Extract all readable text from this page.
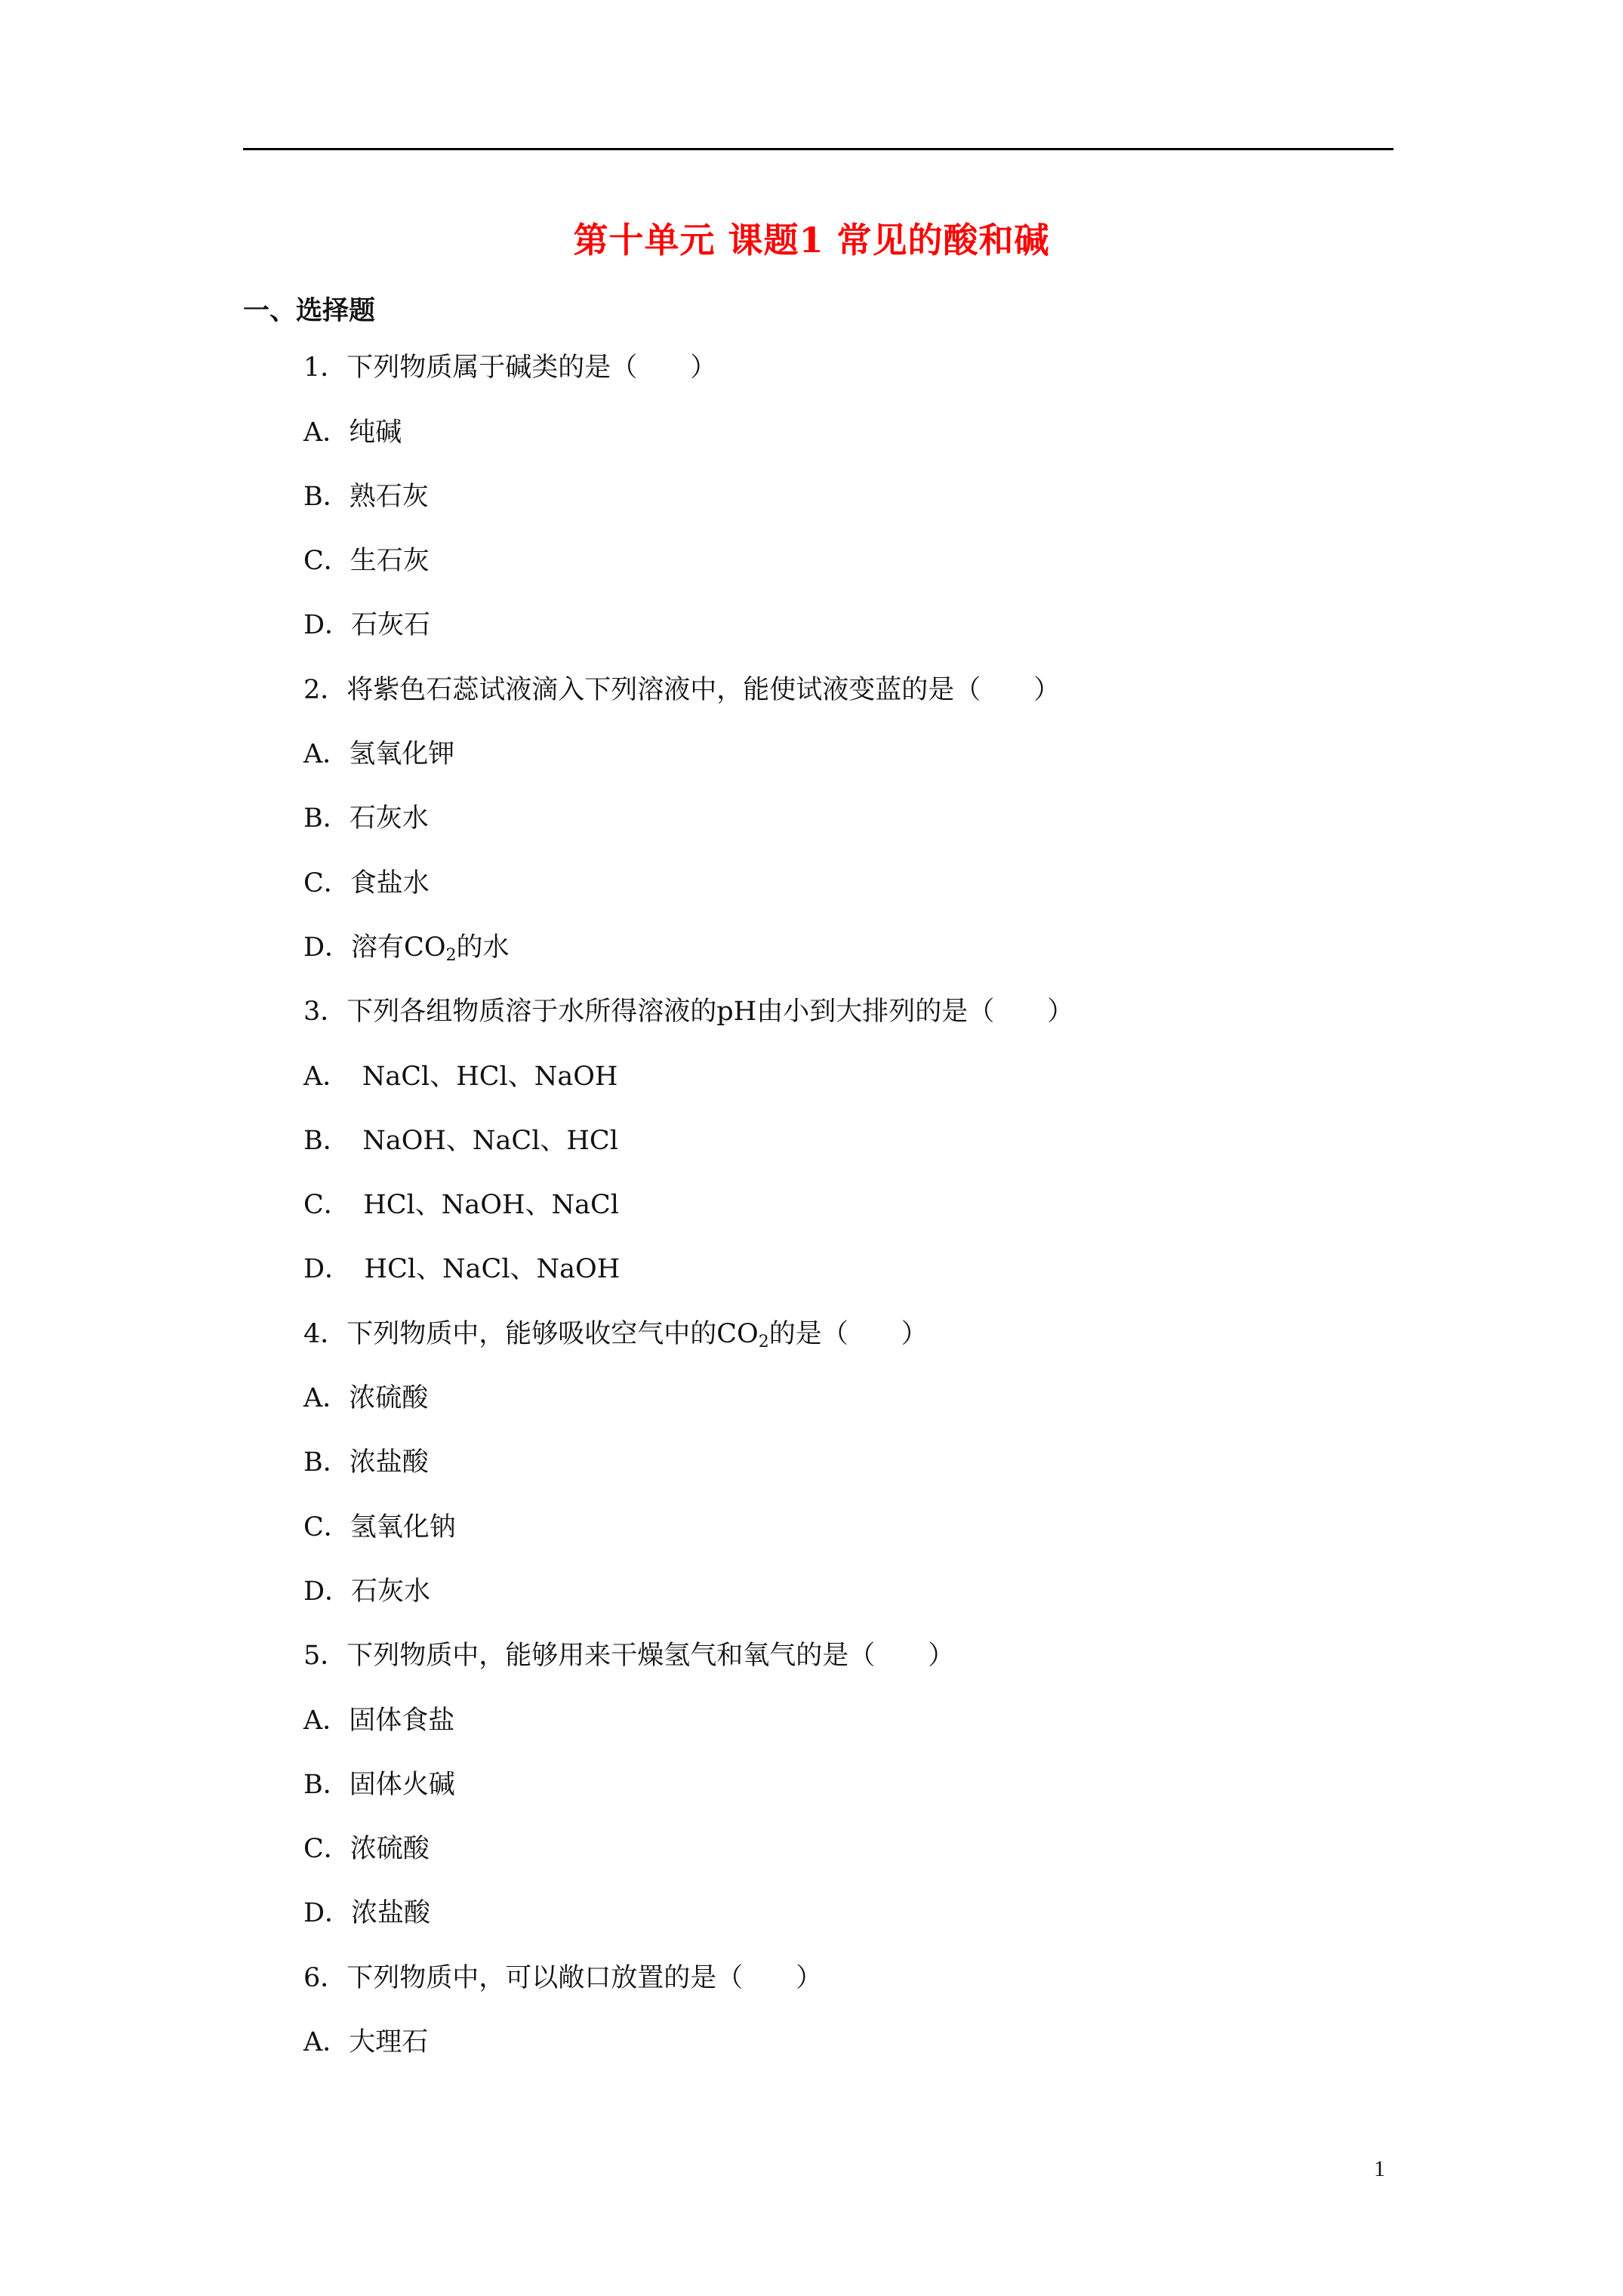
第十单元 课题1 常见的酸和碱
一、选择题
1．下列物质属于碱类的是（　　）
A．纯碱
B．熟石灰
C．生石灰
D．石灰石
2．将紫色石蕊试液滴入下列溶液中，能使试液变蓝的是（　　）
A．氢氧化钾
B．石灰水
C．食盐水
D．溶有$CO_2$的水
3．下列各组物质溶于水所得溶液的pH由小到大排列的是（　　）
A．　NaCl、HCl、NaOH
B．　NaOH、NaCl、HCl
C．　HCl、NaOH、NaCl
D．　HCl、NaCl、NaOH
4．下列物质中，能够吸收空气中的$CO_2$的是（　　）
A．浓硫酸
B．浓盐酸
C．氢氧化钠
D．石灰水
5．下列物质中，能够用来干燥氢气和氧气的是（　　）
A．固体食盐
B．固体火碱
C．浓硫酸
D．浓盐酸
6．下列物质中，可以敞口放置的是（　　）
A．大理石
1
